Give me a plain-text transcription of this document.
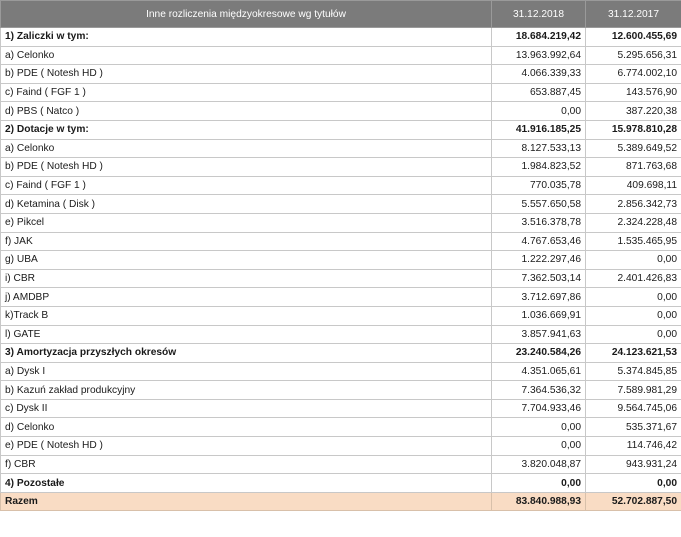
Inne rozliczenia międzyokresowe wg tytułów	31.12.2018	31.12.2017
1) Zaliczki w tym:	18.684.219,42	12.600.455,69
a) Celonko	13.963.992,64	5.295.656,31
b) PDE ( Notesh HD )	4.066.339,33	6.774.002,10
c) Faind ( FGF 1 )	653.887,45	143.576,90
d) PBS ( Natco )	0,00	387.220,38
2) Dotacje w tym:	41.916.185,25	15.978.810,28
a) Celonko	8.127.533,13	5.389.649,52
b) PDE ( Notesh HD )	1.984.823,52	871.763,68
c) Faind ( FGF 1 )	770.035,78	409.698,11
d) Ketamina ( Disk )	5.557.650,58	2.856.342,73
e) Pikcel	3.516.378,78	2.324.228,48
f) JAK	4.767.653,46	1.535.465,95
g) UBA	1.222.297,46	0,00
i) CBR	7.362.503,14	2.401.426,83
j) AMDBP	3.712.697,86	0,00
k)Track B	1.036.669,91	0,00
l) GATE	3.857.941,63	0,00
3) Amortyzacja przyszłych okresów	23.240.584,26	24.123.621,53
a) Dysk I	4.351.065,61	5.374.845,85
b) Kazuń zakład produkcyjny	7.364.536,32	7.589.981,29
c) Dysk II	7.704.933,46	9.564.745,06
d) Celonko	0,00	535.371,67
e) PDE ( Notesh HD )	0,00	114.746,42
f) CBR	3.820.048,87	943.931,24
4) Pozostałe	0,00	0,00
Razem	83.840.988,93	52.702.887,50
